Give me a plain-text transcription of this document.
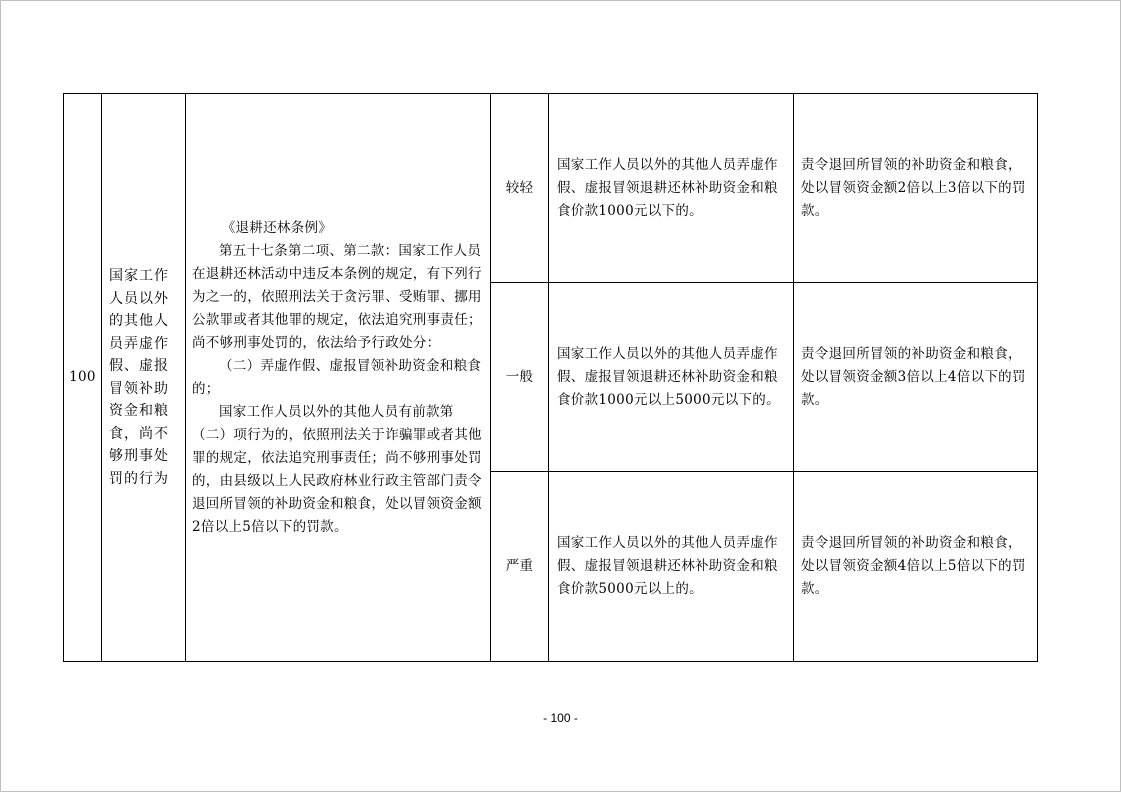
100	国家工作人员以外的其他人员弄虚作假、虚报冒领补助资金和粮食，尚不够刑事处罚的行为	《退耕还林条例》

第五十七条第二项、第二款：国家工作人员在退耕还林活动中违反本条例的规定，有下列行为之一的，依照刑法关于贪污罪、受贿罪、挪用公款罪或者其他罪的规定，依法追究刑事责任；尚不够刑事处罚的，依法给予行政处分：

（二）弄虚作假、虚报冒领补助资金和粮食的；

国家工作人员以外的其他人员有前款第（二）项行为的，依照刑法关于诈骗罪或者其他罪的规定，依法追究刑事责任；尚不够刑事处罚的，由县级以上人民政府林业行政主管部门责令退回所冒领的补助资金和粮食，处以冒领资金额2倍以上5倍以下的罚款。	较轻	国家工作人员以外的其他人员弄虚作假、虚报冒领退耕还林补助资金和粮食价款1000元以下的。	责令退回所冒领的补助资金和粮食，处以冒领资金额2倍以上3倍以下的罚款。
			一般	国家工作人员以外的其他人员弄虚作假、虚报冒领退耕还林补助资金和粮食价款1000元以上5000元以下的。	责令退回所冒领的补助资金和粮食，处以冒领资金额3倍以上4倍以下的罚款。
			严重	国家工作人员以外的其他人员弄虚作假、虚报冒领退耕还林补助资金和粮食价款5000元以上的。	责令退回所冒领的补助资金和粮食，处以冒领资金额4倍以上5倍以下的罚款。
- 100 -
